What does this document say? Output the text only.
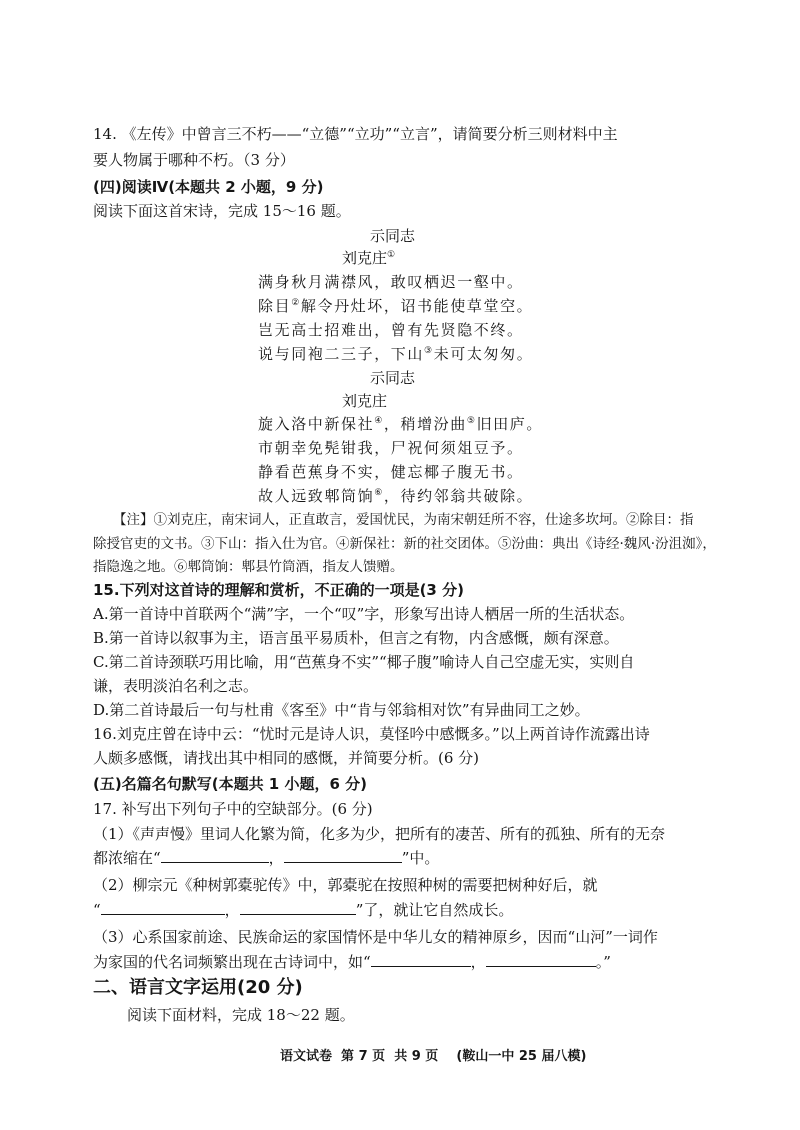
14. 《左传》中曾言三不朽——“立德”“立功”“立言”，请简要分析三则材料中主
要人物属于哪种不朽。（3 分）
(四)阅读Ⅳ(本题共 2 小题，9 分)
阅读下面这首宋诗，完成 15～16 题。
示同志
刘克庄①
满身秋月满襟风，敢叹栖迟一壑中。
除目②解令丹灶坏，诏书能使草堂空。
岂无高士招难出，曾有先贤隐不终。
说与同袍二三子，下山③未可太匆匆。
示同志
刘克庄
旋入洛中新保社④，稍增汾曲⑤旧田庐。
市朝幸免髡钳我，尸祝何须俎豆予。
静看芭蕉身不实，健忘椰子腹无书。
故人远致郫筒饷⑥，待约邻翁共破除。
【注】①刘克庄，南宋词人，正直敢言，爱国忧民，为南宋朝廷所不容，仕途多坎坷。②除目：指
除授官吏的文书。③下山：指入仕为官。④新保社：新的社交团体。⑤汾曲：典出《诗经·魏风·汾沮洳》，
指隐逸之地。⑥郫筒饷：郫县竹筒酒，指友人馈赠。
15.下列对这首诗的理解和赏析，不正确的一项是(3 分)
A.第一首诗中首联两个“满”字，一个“叹”字，形象写出诗人栖居一所的生活状态。
B.第一首诗以叙事为主，语言虽平易质朴，但言之有物，内含感慨，颇有深意。
C.第二首诗颈联巧用比喻，用“芭蕉身不实”“椰子腹”喻诗人自己空虚无实，实则自
谦，表明淡泊名利之志。
D.第二首诗最后一句与杜甫《客至》中“肯与邻翁相对饮”有异曲同工之妙。
16.刘克庄曾在诗中云：“忧时元是诗人识，莫怪吟中感慨多。”以上两首诗作流露出诗
人颇多感慨，请找出其中相同的感慨，并简要分析。(6 分)
(五)名篇名句默写(本题共 1 小题，6 分)
17. 补写出下列句子中的空缺部分。(6 分)
（1）《声声慢》里词人化繁为简，化多为少，把所有的凄苦、所有的孤独、所有的无奈
都浓缩在“	，	”中。
（2）柳宗元《种树郭橐驼传》中，郭橐驼在按照种树的需要把树种好后，就
“	，	”了，就让它自然成长。
（3）心系国家前途、民族命运的家国情怀是中华儿女的精神原乡，因而“山河”一词作
为家国的代名词频繁出现在古诗词中，如“	，	。”
二、语言文字运用(20 分)
阅读下面材料，完成 18～22 题。
语文试卷  第 7 页  共 9 页    (鞍山一中 25 届八模)
